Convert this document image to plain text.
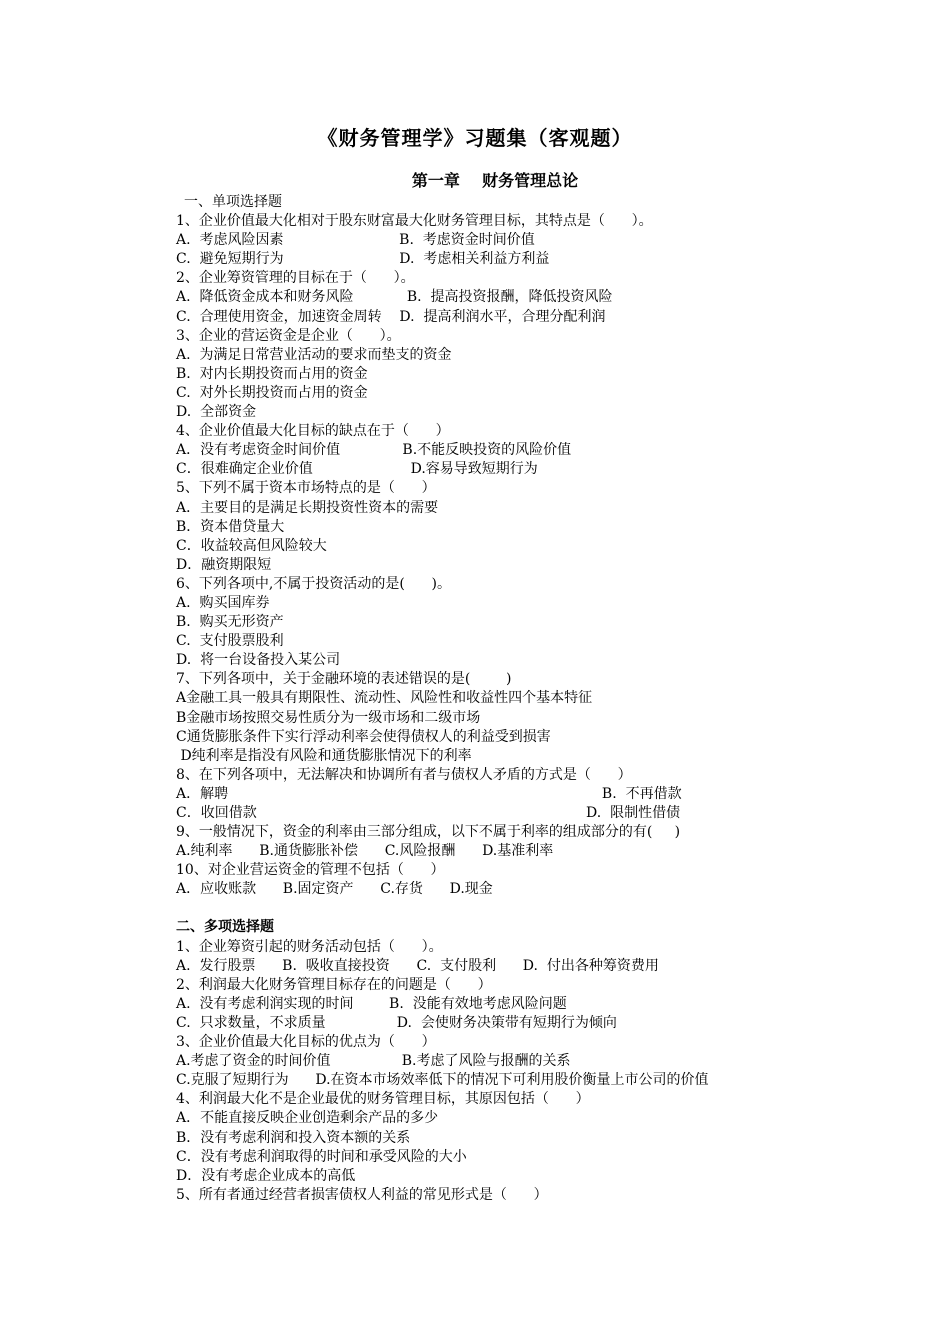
《财务管理学》习题集（客观题）
第一章    财务管理总论
一、单项选择题
1、企业价值最大化相对于股东财富最大化财务管理目标，其特点是（      ）。
A.  考虑风险因素                          B.  考虑资金时间价值
C.  避免短期行为                          D.  考虑相关利益方利益
2、企业筹资管理的目标在于（      ）。
A.  降低资金成本和财务风险            B.  提高投资报酬，降低投资风险
C.  合理使用资金，加速资金周转    D.  提高利润水平，合理分配利润
3、企业的营运资金是企业（      ）。
A.  为满足日常营业活动的要求而垫支的资金
B.  对内长期投资而占用的资金
C.  对外长期投资而占用的资金
D.  全部资金
4、企业价值最大化目标的缺点在于（      ）
A．没有考虑资金时间价值              B.不能反映投资的风险价值
C．很难确定企业价值                      D.容易导致短期行为
5、下列不属于资本市场特点的是（      ）
A．主要目的是满足长期投资性资本的需要
B．资本借贷量大
C．收益较高但风险较大
D．融资期限短
6、下列各项中,不属于投资活动的是(      )。
A.  购买国库券
B.  购买无形资产
C.  支付股票股利
D.  将一台设备投入某公司
7、下列各项中，关于金融环境的表述错误的是(        )
A金融工具一般具有期限性、流动性、风险性和收益性四个基本特征
B金融市场按照交易性质分为一级市场和二级市场
C通货膨胀条件下实行浮动利率会使得债权人的利益受到损害
D纯利率是指没有风险和通货膨胀情况下的利率
8、在下列各项中，无法解决和协调所有者与债权人矛盾的方式是（      ）
A．解聘                                                                                    B.  不再借款
C．收回借款                                                                          D.  限制性借债
9、一般情况下，资金的利率由三部分组成，以下不属于利率的组成部分的有(     )
A.纯利率      B.通货膨胀补偿      C.风险报酬      D.基准利率
10、对企业营运资金的管理不包括（      ）
A．应收账款      B.固定资产      C.存货      D.现金
二、多项选择题
1、企业筹资引起的财务活动包括（      ）。
A.  发行股票      B.  吸收直接投资      C.  支付股利      D.  付出各种筹资费用
2、利润最大化财务管理目标存在的问题是（      ）
A.  没有考虑利润实现的时间        B.  没能有效地考虑风险问题
C.  只求数量，不求质量                D.  会使财务决策带有短期行为倾向
3、企业价值最大化目标的优点为（      ）
A.考虑了资金的时间价值                B.考虑了风险与报酬的关系
C.克服了短期行为      D.在资本市场效率低下的情况下可利用股价衡量上市公司的价值
4、利润最大化不是企业最优的财务管理目标，其原因包括（      ）
A．不能直接反映企业创造剩余产品的多少
B．没有考虑利润和投入资本额的关系
C．没有考虑利润取得的时间和承受风险的大小
D．没有考虑企业成本的高低
5、所有者通过经营者损害债权人利益的常见形式是（      ）
